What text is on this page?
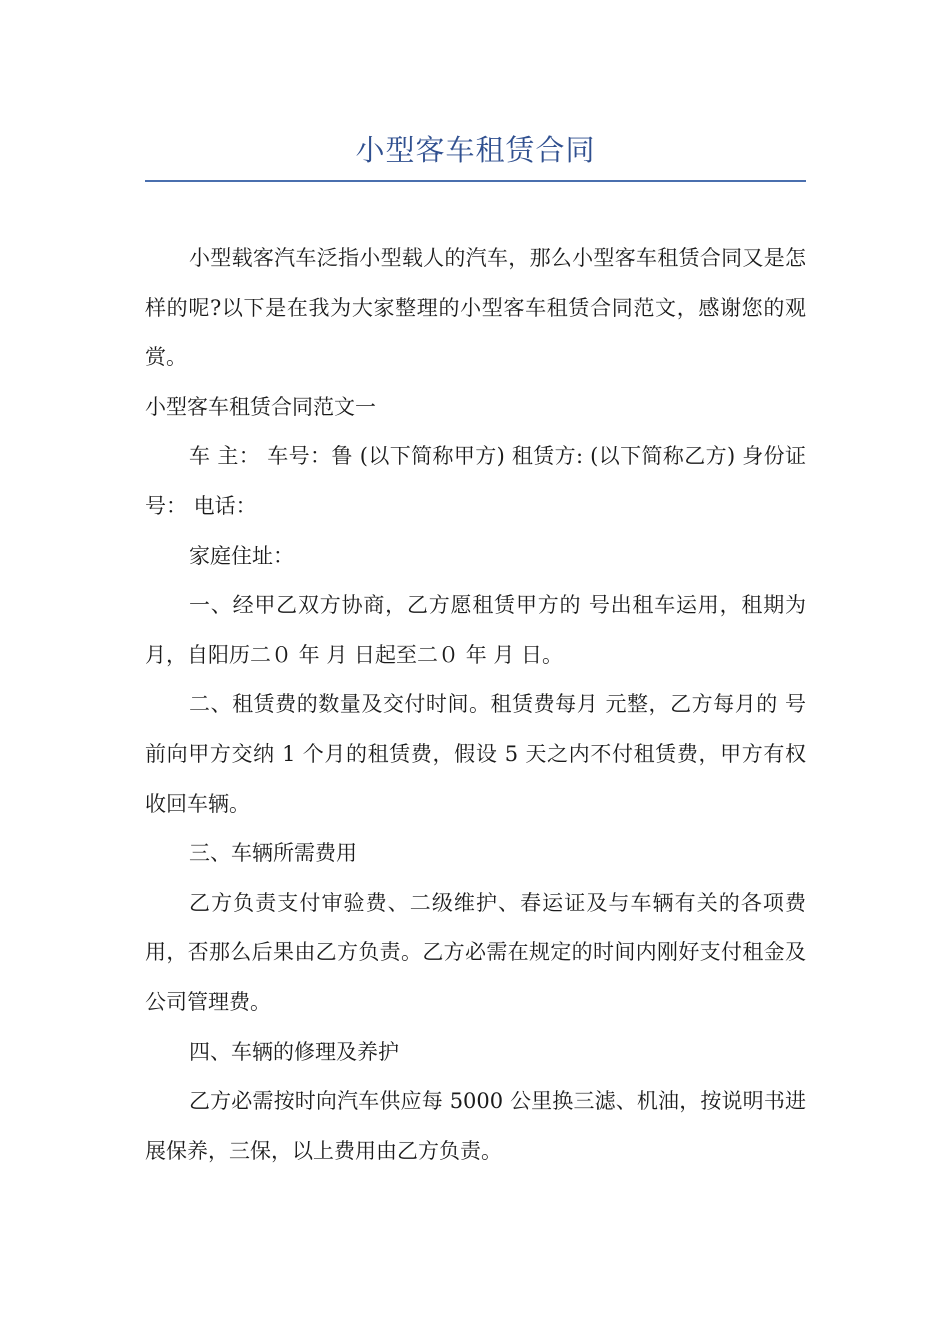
小型客车租赁合同

小型载客汽车泛指小型载人的汽车，那么小型客车租赁合同又是怎样的呢?以下是在我为大家整理的小型客车租赁合同范文，感谢您的观赏。

小型客车租赁合同范文一

车 主： 车号：鲁 (以下简称甲方) 租赁方: (以下简称乙方) 身份证号： 电话：

家庭住址：

一、经甲乙双方协商，乙方愿租赁甲方的 号出租车运用，租期为 月，自阳历二０ 年 月 日起至二０ 年 月 日。

二、租赁费的数量及交付时间。租赁费每月 元整，乙方每月的 号前向甲方交纳 1 个月的租赁费，假设 5 天之内不付租赁费，甲方有权收回车辆。

三、车辆所需费用

乙方负责支付审验费、二级维护、春运证及与车辆有关的各项费用，否那么后果由乙方负责。乙方必需在规定的时间内刚好支付租金及公司管理费。

四、车辆的修理及养护

乙方必需按时向汽车供应每 5000 公里换三滤、机油，按说明书进展保养，三保，以上费用由乙方负责。
